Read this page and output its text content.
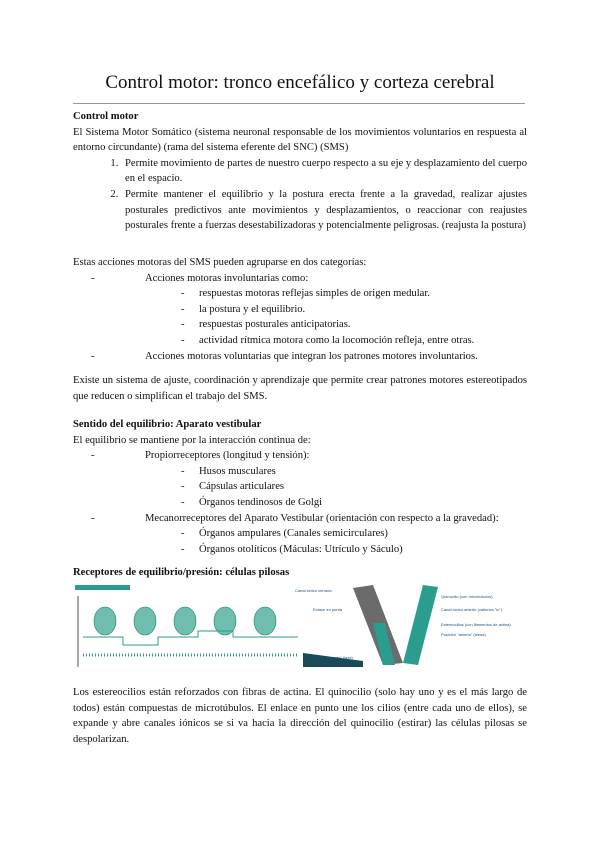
Control motor: tronco encefálico y corteza cerebral

Control motor

El Sistema Motor Somático (sistema neuronal responsable de los movimientos voluntarios en respuesta al entorno circundante) (rama del sistema eferente del SNC) (SMS)

1. Permite movimiento de partes de nuestro cuerpo respecto a su eje y desplazamiento del cuerpo en el espacio.
2. Permite mantener el equilibrio y la postura erecta frente a la gravedad, realizar ajustes posturales predictivos ante movimientos y desplazamientos, o reaccionar con reajustes posturales frente a fuerzas desestabilizadoras y potencialmente peligrosas. (reajusta la postura)

Estas acciones motoras del SMS pueden agruparse en dos categorías:

- Acciones motoras involuntarias como:
- respuestas motoras reflejas simples de origen medular.
- la postura y el equilibrio.
- respuestas posturales anticipatorias.
- actividad rítmica motora como la locomoción refleja, entre otras.
- Acciones motoras voluntarias que integran los patrones motores involuntarios.

Existe un sistema de ajuste, coordinación y aprendizaje que permite crear patrones motores estereotipados que reducen o simplifican el trabajo del SMS.

Sentido del equilibrio: Aparato vestibular

El equilibrio se mantiene por la interacción continua de:

- Propiorreceptores (longitud y tensión):
- Husos musculares
- Cápsulas articulares
- Órganos tendinosos de Golgi
- Mecanorreceptores del Aparato Vestibular (orientación con respecto a la gravedad):
- Órganos ampulares (Canales semicirculares)
- Órganos otolíticos (Máculas: Utrículo y Sáculo)

Receptores de equilibrio/presión: células pilosas

Canal iónico cerrado
Enlace en punta
Quinocilio (con microtúbulos)
Canal iónico abierto (cationes "in")
Estereocilios (con filamentos de actina)
Posición "abierta" (tensa)
Posición "cerrada" (laxa)

Los estereocilios están reforzados con fibras de actina. El quinocilio (solo hay uno y es el más largo de todos) están compuestas de microtúbulos. El enlace en punto une los cilios (entre cada uno de ellos), se expande y abre canales iónicos se si va hacia la dirección del quinocilio (estirar) las células pilosas se despolarizan.
